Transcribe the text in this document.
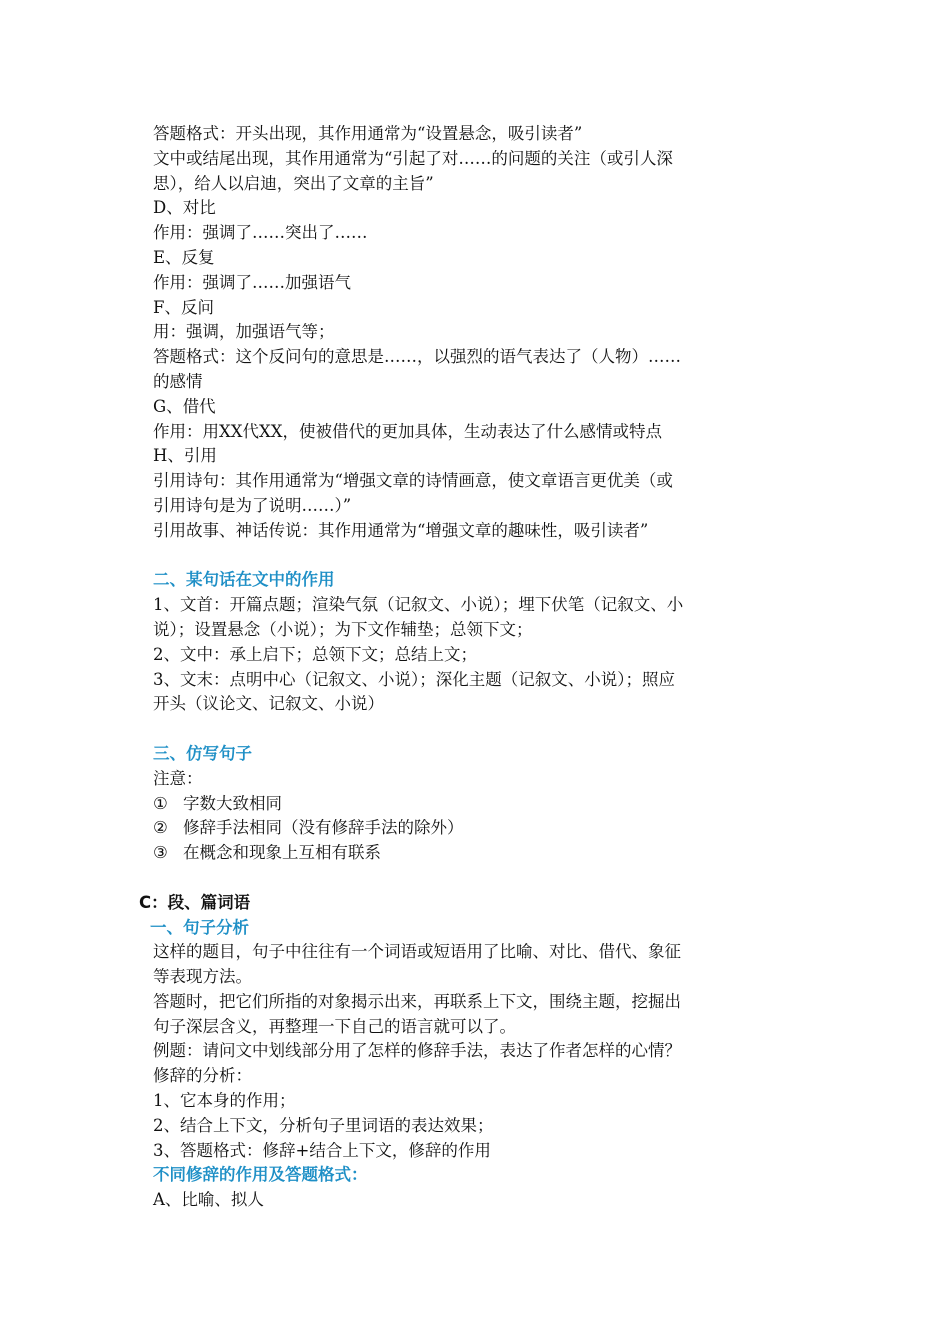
答题格式：开头出现，其作用通常为“设置悬念，吸引读者”
文中或结尾出现，其作用通常为“引起了对……的问题的关注（或引人深
思），给人以启迪，突出了文章的主旨”
D、对比
作用：强调了……突出了……
E、反复
作用：强调了……加强语气
F、反问
用：强调，加强语气等；
答题格式：这个反问句的意思是……，以强烈的语气表达了（人物）……
的感情
G、借代
作用：用XX代XX，使被借代的更加具体，生动表达了什么感情或特点
H、引用
引用诗句：其作用通常为“增强文章的诗情画意，使文章语言更优美（或
引用诗句是为了说明……）”
引用故事、神话传说：其作用通常为“增强文章的趣味性，吸引读者”
二、某句话在文中的作用
1、文首：开篇点题；渲染气氛（记叙文、小说）；埋下伏笔（记叙文、小
说）；设置悬念（小说）；为下文作辅垫；总领下文；
2、文中：承上启下；总领下文；总结上文；
3、文末：点明中心（记叙文、小说）；深化主题（记叙文、小说）；照应
开头（议论文、记叙文、小说）
三、仿写句子
注意：
① 字数大致相同
② 修辞手法相同（没有修辞手法的除外）
③ 在概念和现象上互相有联系
C：段、篇词语
一、句子分析
这样的题目，句子中往往有一个词语或短语用了比喻、对比、借代、象征
等表现方法。
答题时，把它们所指的对象揭示出来，再联系上下文，围绕主题，挖掘出
句子深层含义，再整理一下自己的语言就可以了。
例题：请问文中划线部分用了怎样的修辞手法，表达了作者怎样的心情？
修辞的分析：
1、它本身的作用；
2、结合上下文，分析句子里词语的表达效果；
3、答题格式：修辞+结合上下文，修辞的作用
不同修辞的作用及答题格式：
A、比喻、拟人
